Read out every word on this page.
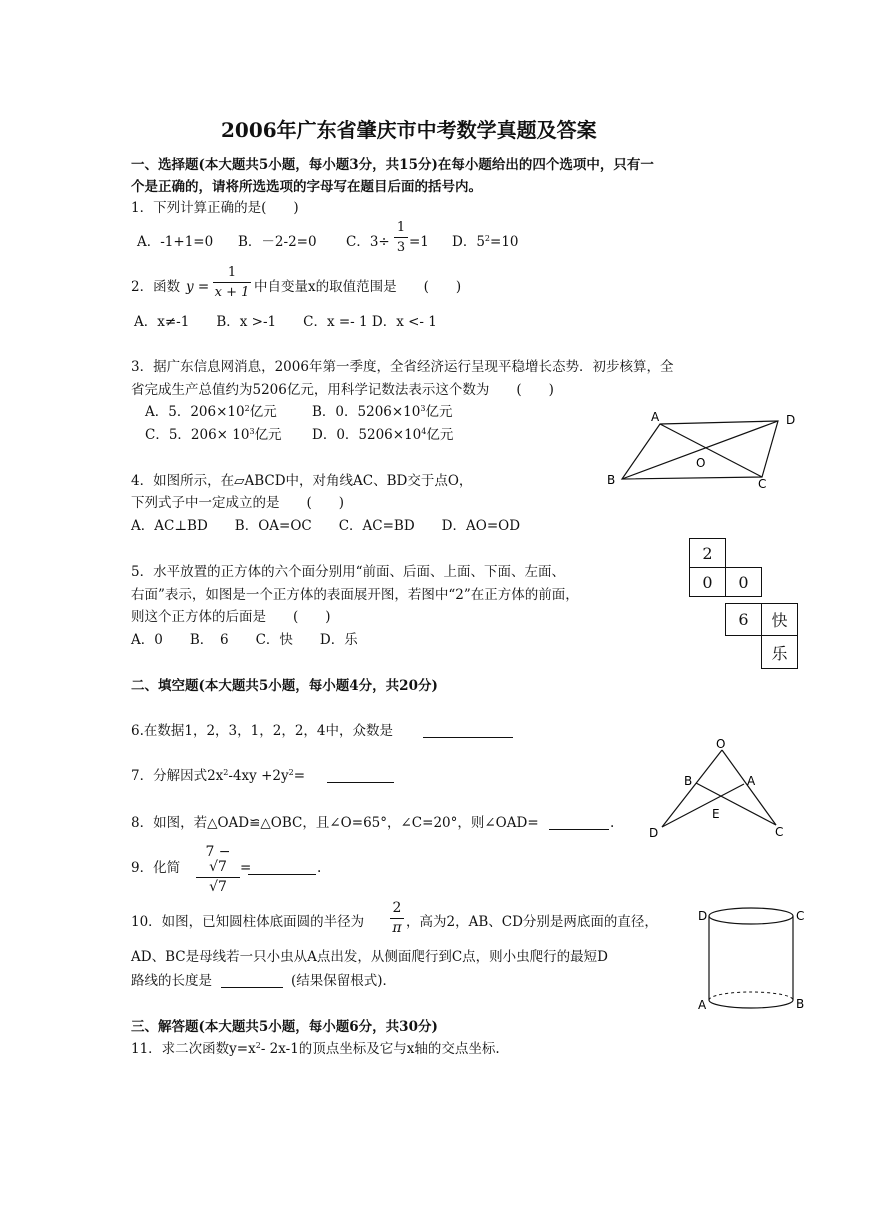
2006年广东省肇庆市中考数学真题及答案
一、选择题(本大题共5小题，每小题3分，共15分)在每小题给出的四个选项中，只有一
个是正确的，请将所选选项的字母写在题目后面的括号内。
1．下列计算正确的是(　　)
A．-1+1=0 B．－2-2=0 C．3÷
1
3 =1 D．$5^2=10$
2．函数 y =
1
x + 1 中自变量x的取值范围是　　(　　)
A．x≠-1　　B．x >-1　　C．x =- 1 D．x <- 1
3．据广东信息网消息，2006年第一季度，全省经济运行呈现平稳增长态势．初步核算，全
省完成生产总值约为5206亿元，用科学记数法表示这个数为　　(　　)
A．5．$206\times 10^2$亿元	B．0．$5206\times 10^3$亿元
C．5．$206\times 10^3$亿元 D．0．$5206\times 10^4$亿元
A	D
B	C
O
4．如图所示，在▱ABCD中，对角线AC、BD交于点O，
下列式子中一定成立的是　　(　　)
A．AC⊥BD　　B．OA=OC　　C．AC=BD　　D．AO=OD
2
0	0
6	快
乐
5．水平放置的正方体的六个面分别用“前面、后面、上面、下面、左面、
右面”表示，如图是一个正方体的表面展开图，若图中“2”在正方体的前面，
则这个正方体的后面是　　(　　)
A．0　　B．　6　　C．快　　D．乐
二、填空题(本大题共5小题，每小题4分，共20分)
6.在数据1，2，3，1，2，2，4中，众数是
O
B	A
E
D	C
7．分解因式$2x^2-4xy +2y^2=$
8．如图，若△OAD≌△OBC，且∠O=65°，∠C=20°，则∠OAD=	.
9．化简
7 − √7
√7
=	.
D	C
A	B
10．如图，已知圆柱体底面圆的半径为
2
π ，高为2，AB、CD分别是两底面的直径，
AD、BC是母线若一只小虫从A点出发，从侧面爬行到C点，则小虫爬行的最短D
路线的长度是	(结果保留根式)．
三、解答题(本大题共5小题，每小题6分，共30分)
11．求二次函数$y=x^2-$ 2x-1的顶点坐标及它与x轴的交点坐标.
